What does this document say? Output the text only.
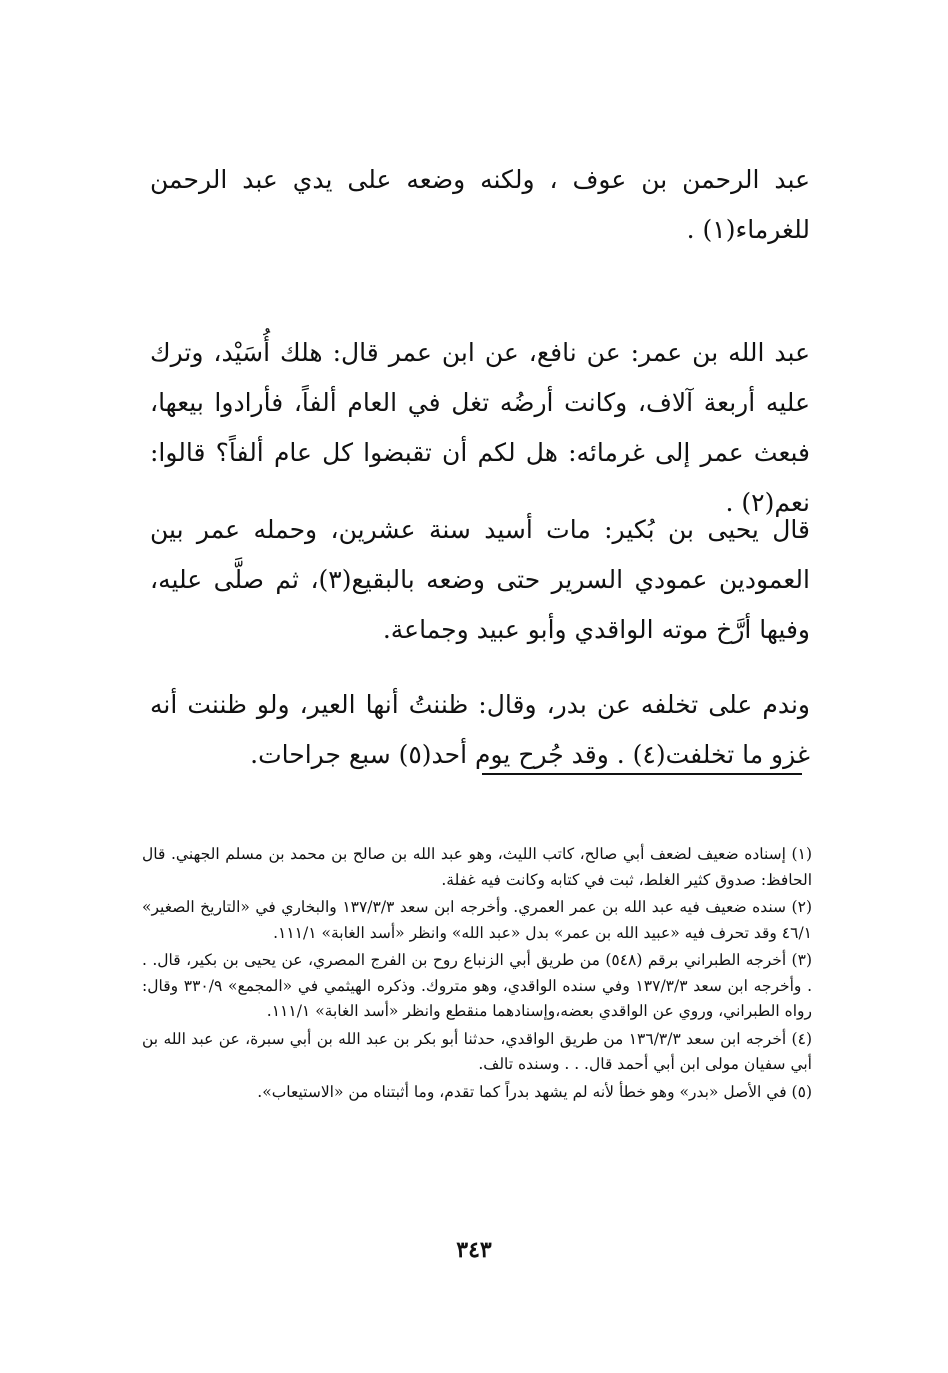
عبد الرحمن بن عوف ، ولكنه وضعه على يدي عبد الرحمن للغرماء(١) .

عبد الله بن عمر: عن نافع، عن ابن عمر قال: هلك أُسَيْد، وترك عليه أربعة آلاف، وكانت أرضُه تغل في العام ألفاً، فأرادوا بيعها، فبعث عمر إلى غرمائه: هل لكم أن تقبضوا كل عام ألفاً؟ قالوا: نعم(٢) .

قال يحيى بن بُكير: مات أسيد سنة عشرين، وحمله عمر بين العمودين عمودي السرير حتى وضعه بالبقيع(٣)، ثم صلَّى عليه، وفيها أرَّخ موته الواقدي وأبو عبيد وجماعة.

وندم على تخلفه عن بدر، وقال: ظننتُ أنها العير، ولو ظننت أنه غزو ما تخلفت(٤) . وقد جُرح يوم أحد(٥) سبع جراحات.

(١) إسناده ضعيف لضعف أبي صالح، كاتب الليث، وهو عبد الله بن صالح بن محمد بن مسلم الجهني. قال الحافظ: صدوق كثير الغلط، ثبت في كتابه وكانت فيه غفلة.

(٢) سنده ضعيف فيه عبد الله بن عمر العمري. وأخرجه ابن سعد ١٣٧/٣/٣ والبخاري في «التاريخ الصغير» ٤٦/١ وقد تحرف فيه «عبيد الله بن عمر» بدل «عبد الله» وانظر «أسد الغابة» ١١١/١.

(٣) أخرجه الطبراني برقم (٥٤٨) من طريق أبي الزنباع روح بن الفرج المصري، عن يحيى بن بكير، قال. . . وأخرجه ابن سعد ١٣٧/٣/٣ وفي سنده الواقدي، وهو متروك. وذكره الهيثمي في «المجمع» ٣٣٠/٩ وقال: رواه الطبراني، وروي عن الواقدي بعضه،وإسنادهما منقطع وانظر «أسد الغابة» ١١١/١.

(٤) أخرجه ابن سعد ١٣٦/٣/٣ من طريق الواقدي، حدثنا أبو بكر بن عبد الله بن أبي سبرة، عن عبد الله بن أبي سفيان مولى ابن أبي أحمد قال. . . وسنده تالف.

(٥) في الأصل «بدر» وهو خطأ لأنه لم يشهد بدراً كما تقدم، وما أثبتناه من «الاستيعاب».

٣٤٣
